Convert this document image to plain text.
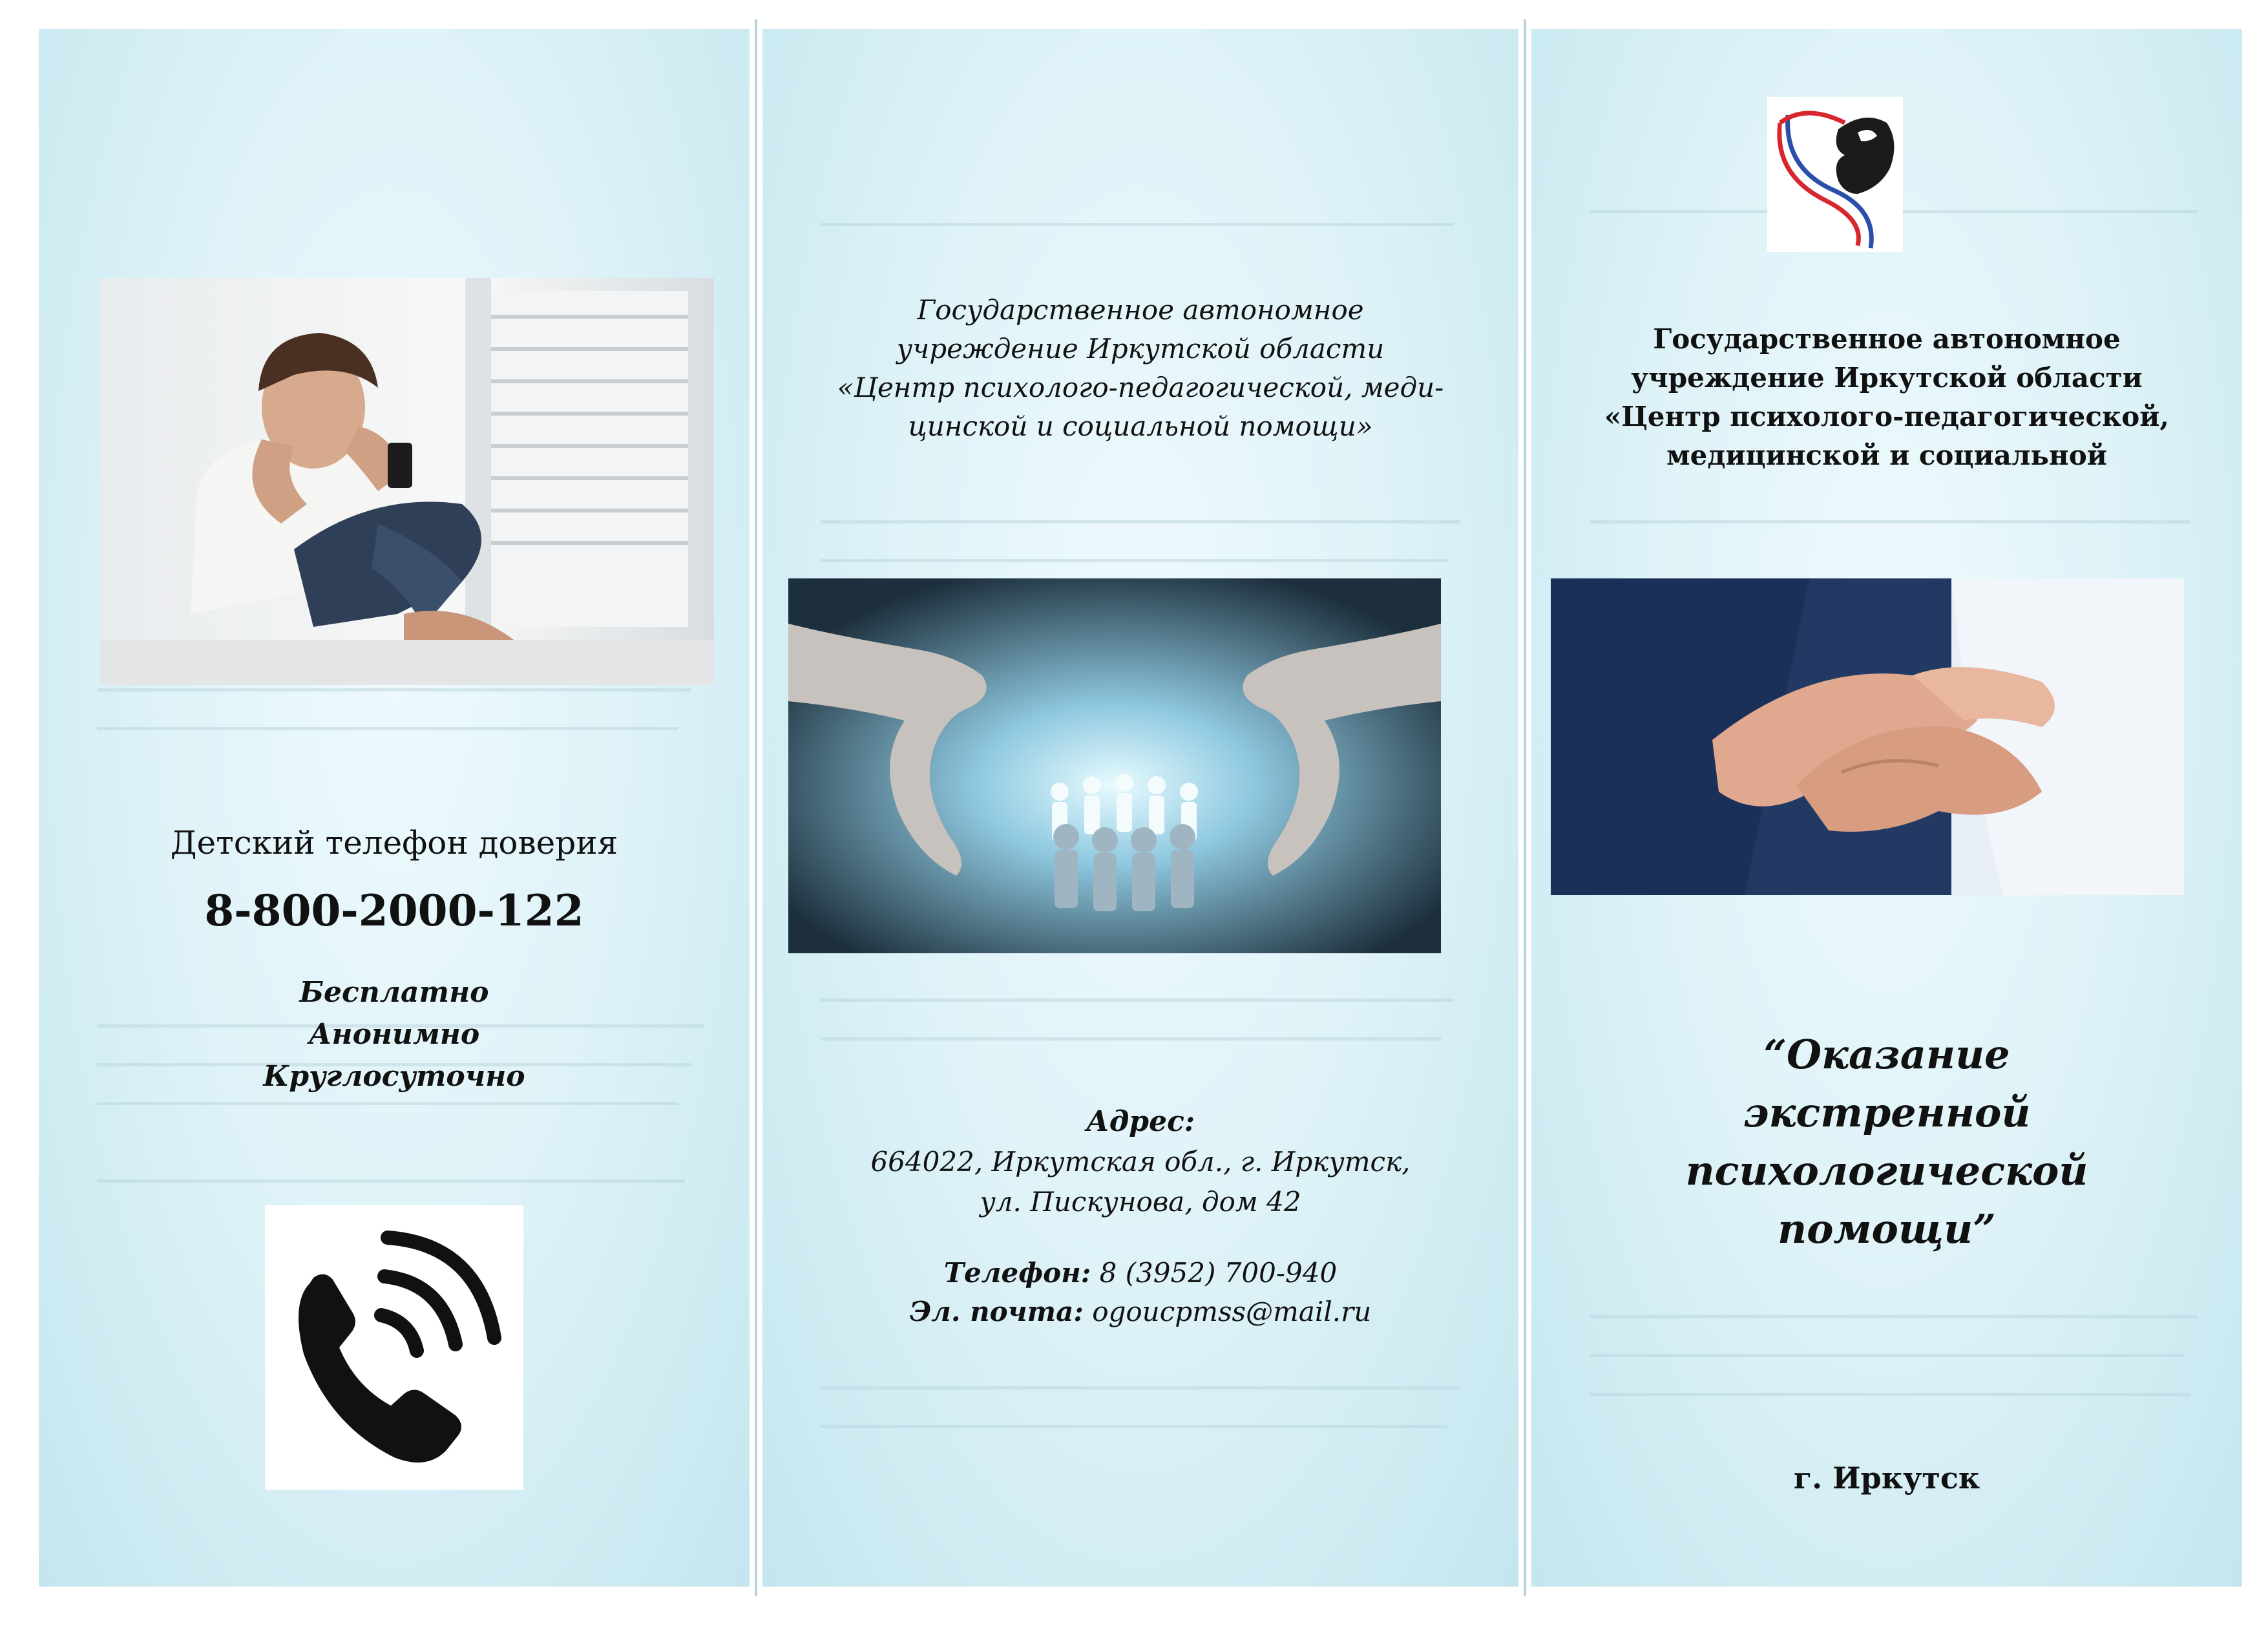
Детский телефон доверия
8-800-2000-122
Бесплатно
Анонимно
Круглосуточно
Государственное автономное
учреждение Иркутской области
«Центр психолого-педагогической, меди-
цинской и социальной помощи»
Адрес:
664022, Иркутская обл., г. Иркутск,
ул. Пискунова, дом 42
Телефон: 8 (3952) 700-940
Эл. почта: ogoucpmss@mail.ru
Государственное автономное
учреждение Иркутской области
«Центр психолого-педагогической,
медицинской и социальной
“Оказание
экстренной
психологической
помощи”
г. Иркутск
